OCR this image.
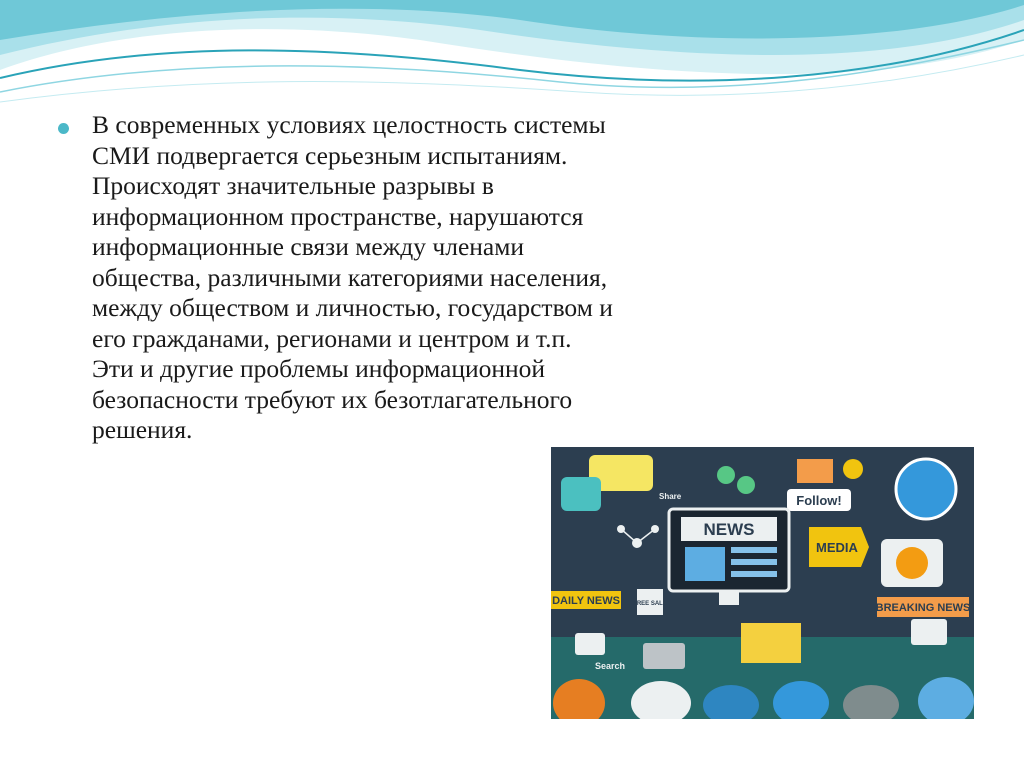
В современных условиях целостность системы
СМИ подвергается серьезным испытаниям.
Происходят значительные разрывы в
информационном пространстве, нарушаются
информационные связи между членами
общества, различными категориями населения,
между обществом и личностью, государством и
его гражданами, регионами и центром и т.п.
Эти и другие проблемы информационной
безопасности требуют их безотлагательного
решения.
Follow!
NEWS
MEDIA
DAILY NEWS FREE SALE	BREAKING NEWS
Share
Search
